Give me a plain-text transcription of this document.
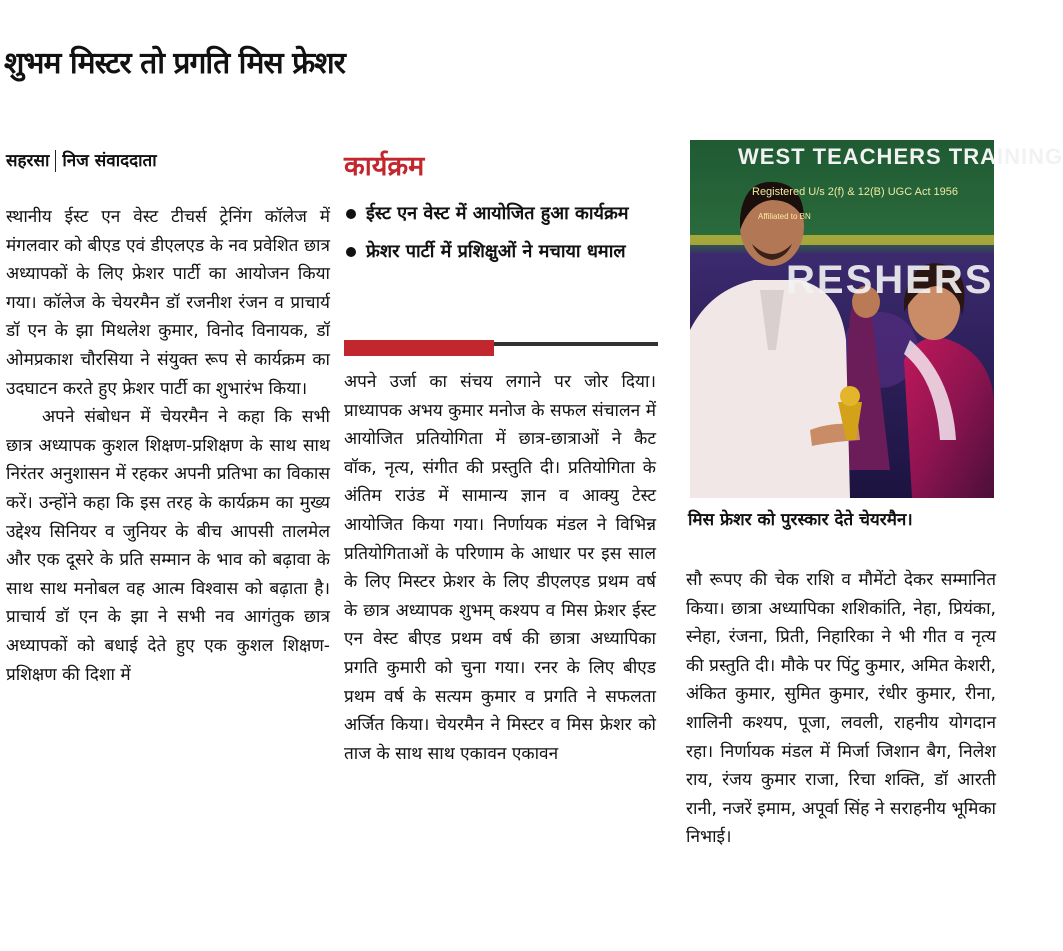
शुभम मिस्टर तो प्रगति मिस फ्रेशर
सहरसा निज संवाददाता

स्थानीय ईस्ट एन वेस्ट टीचर्स ट्रेनिंग कॉलेज में मंगलवार को बीएड एवं डीएलएड के नव प्रवेशित छात्र अध्यापकों के लिए फ्रेशर पार्टी का आयोजन किया गया। कॉलेज के चेयरमैन डॉ रजनीश रंजन व प्राचार्य डॉ एन के झा मिथलेश कुमार, विनोद विनायक, डॉ ओमप्रकाश चौरसिया ने संयुक्त रूप से कार्यक्रम का उदघाटन करते हुए फ्रेशर पार्टी का शुभारंभ किया।

अपने संबोधन में चेयरमैन ने कहा कि सभी छात्र अध्यापक कुशल शिक्षण-प्रशिक्षण के साथ साथ निरंतर अनुशासन में रहकर अपनी प्रतिभा का विकास करें। उन्होंने कहा कि इस तरह के कार्यक्रम का मुख्य उद्देश्य सिनियर व जुनियर के बीच आपसी तालमेल और एक दूसरे के प्रति सम्मान के भाव को बढ़ावा के साथ साथ मनोबल वह आत्म विश्वास को बढ़ाता है। प्राचार्य डॉ एन के झा ने सभी नव आगंतुक छात्र अध्यापकों को बधाई देते हुए एक कुशल शिक्षण-प्रशिक्षण की दिशा में

कार्यक्रम
ईस्ट एन वेस्ट में आयोजित हुआ कार्यक्रम
फ्रेशर पार्टी में प्रशिक्षुओं ने मचाया धमाल

अपने उर्जा का संचय लगाने पर जोर दिया। प्राध्यापक अभय कुमार मनोज के सफल संचालन में आयोजित प्रतियोगिता में छात्र-छात्राओं ने कैट वॉक, नृत्य, संगीत की प्रस्तुति दी। प्रतियोगिता के अंतिम राउंड में सामान्य ज्ञान व आक्यु टेस्ट आयोजित किया गया। निर्णायक मंडल ने विभिन्न प्रतियोगिताओं के परिणाम के आधार पर इस साल के लिए मिस्टर फ्रेशर के लिए डीएलएड प्रथम वर्ष के छात्र अध्यापक शुभम् कश्यप व मिस फ्रेशर ईस्ट एन वेस्ट बीएड प्रथम वर्ष की छात्रा अध्यापिका प्रगति कुमारी को चुना गया। रनर के लिए बीएड प्रथम वर्ष के सत्यम कुमार व प्रगति ने सफलता अर्जित किया। चेयरमैन ने मिस्टर व मिस फ्रेशर को ताज के साथ साथ एकावन एकावन

WEST TEACHERS TRAINING
Registered U/s 2(f) & 12(B) UGC Act 1956
Affiliated to BN
RESHERS
मिस फ्रेशर को पुरस्कार देते चेयरमैन।

सौ रूपए की चेक राशि व मौमेंटो देकर सम्मानित किया। छात्रा अध्यापिका शशिकांति, नेहा, प्रियंका, स्नेहा, रंजना, प्रिती, निहारिका ने भी गीत व नृत्य की प्रस्तुति दी। मौके पर पिंटु कुमार, अमित केशरी, अंकित कुमार, सुमित कुमार, रंधीर कुमार, रीना, शालिनी कश्यप, पूजा, लवली, राहनीय योगदान रहा। निर्णायक मंडल में मिर्जा जिशान बैग, निलेश राय, रंजय कुमार राजा, रिचा शक्ति, डॉ आरती रानी, नजरें इमाम, अपूर्वा सिंह ने सराहनीय भूमिका निभाई।
